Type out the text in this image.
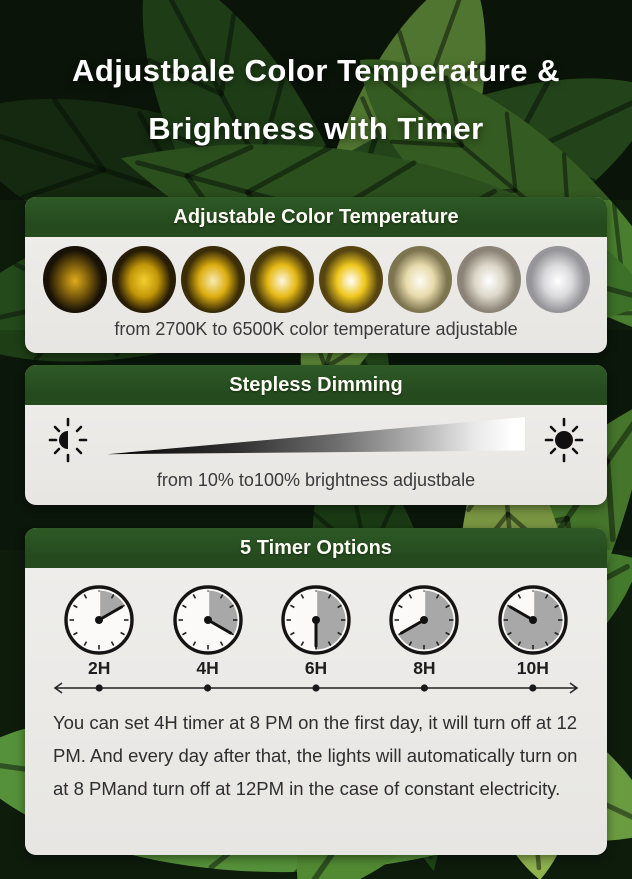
Adjustbale Color Temperature &
Brightness with Timer
Adjustable Color Temperature

from 2700K to 6500K color temperature adjustable

Stepless Dimming

from 10% to100% brightness adjustbale

5 Timer Options
2H	4H	6H	8H	10H

You can set 4H timer at 8 PM on the first day, it will turn off at 12 PM. And every day after that, the lights will automatically turn on at 8 PMand turn off at 12PM in the case of constant electricity.
